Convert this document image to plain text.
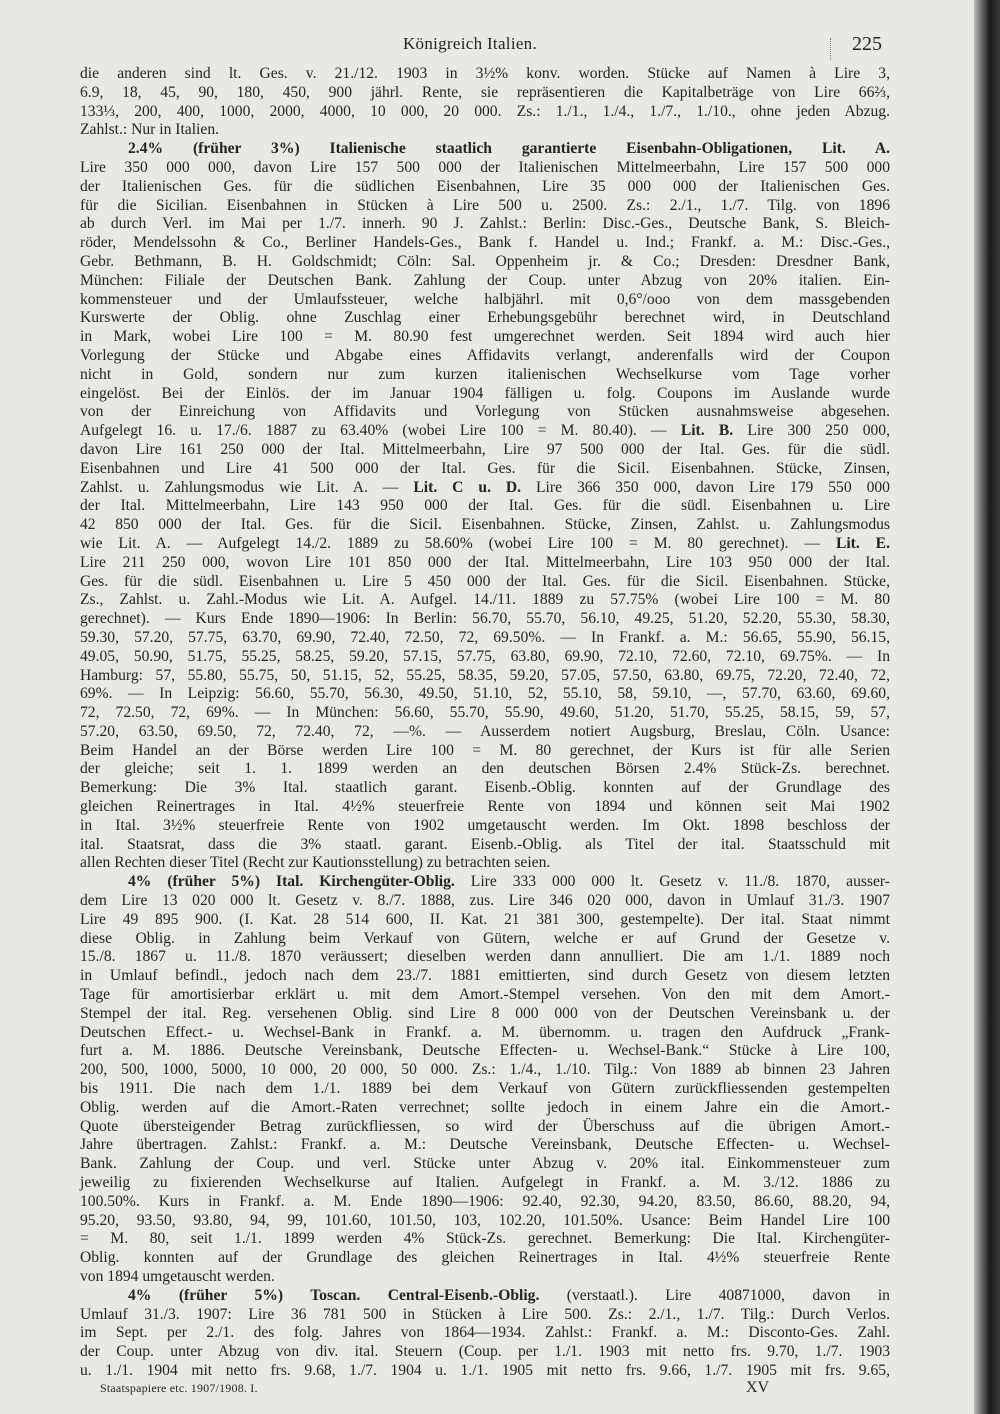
Königreich Italien.	225
die anderen sind lt. Ges. v. 21./12. 1903 in 3½% konv. worden. Stücke auf Namen à Lire 3,
6.9, 18, 45, 90, 180, 450, 900 jährl. Rente, sie repräsentieren die Kapitalbeträge von Lire 66⅔,
133⅓, 200, 400, 1000, 2000, 4000, 10 000, 20 000. Zs.: 1./1., 1./4., 1./7., 1./10., ohne jeden Abzug.
Zahlst.: Nur in Italien.
2.4% (früher 3%) Italienische staatlich garantierte Eisenbahn-Obligationen, Lit. A.
Lire 350 000 000, davon Lire 157 500 000 der Italienischen Mittelmeerbahn, Lire 157 500 000
der Italienischen Ges. für die südlichen Eisenbahnen, Lire 35 000 000 der Italienischen Ges.
für die Sicilian. Eisenbahnen in Stücken à Lire 500 u. 2500. Zs.: 2./1., 1./7. Tilg. von 1896
ab durch Verl. im Mai per 1./7. innerh. 90 J. Zahlst.: Berlin: Disc.-Ges., Deutsche Bank, S. Bleich-
röder, Mendelssohn & Co., Berliner Handels-Ges., Bank f. Handel u. Ind.; Frankf. a. M.: Disc.-Ges.,
Gebr. Bethmann, B. H. Goldschmidt; Cöln: Sal. Oppenheim jr. & Co.; Dresden: Dresdner Bank,
München: Filiale der Deutschen Bank. Zahlung der Coup. unter Abzug von 20% italien. Ein-
kommensteuer und der Umlaufssteuer, welche halbjährl. mit 0,6°/ooo von dem massgebenden
Kurswerte der Oblig. ohne Zuschlag einer Erhebungsgebühr berechnet wird, in Deutschland
in Mark, wobei Lire 100 = M. 80.90 fest umgerechnet werden. Seit 1894 wird auch hier
Vorlegung der Stücke und Abgabe eines Affidavits verlangt, anderenfalls wird der Coupon
nicht in Gold, sondern nur zum kurzen italienischen Wechselkurse vom Tage vorher
eingelöst. Bei der Einlös. der im Januar 1904 fälligen u. folg. Coupons im Auslande wurde
von der Einreichung von Affidavits und Vorlegung von Stücken ausnahmsweise abgesehen.
Aufgelegt 16. u. 17./6. 1887 zu 63.40% (wobei Lire 100 = M. 80.40). — Lit. B. Lire 300 250 000,
davon Lire 161 250 000 der Ital. Mittelmeerbahn, Lire 97 500 000 der Ital. Ges. für die südl.
Eisenbahnen und Lire 41 500 000 der Ital. Ges. für die Sicil. Eisenbahnen. Stücke, Zinsen,
Zahlst. u. Zahlungsmodus wie Lit. A. — Lit. C u. D. Lire 366 350 000, davon Lire 179 550 000
der Ital. Mittelmeerbahn, Lire 143 950 000 der Ital. Ges. für die südl. Eisenbahnen u. Lire
42 850 000 der Ital. Ges. für die Sicil. Eisenbahnen. Stücke, Zinsen, Zahlst. u. Zahlungsmodus
wie Lit. A. — Aufgelegt 14./2. 1889 zu 58.60% (wobei Lire 100 = M. 80 gerechnet). — Lit. E.
Lire 211 250 000, wovon Lire 101 850 000 der Ital. Mittelmeerbahn, Lire 103 950 000 der Ital.
Ges. für die südl. Eisenbahnen u. Lire 5 450 000 der Ital. Ges. für die Sicil. Eisenbahnen. Stücke,
Zs., Zahlst. u. Zahl.-Modus wie Lit. A. Aufgel. 14./11. 1889 zu 57.75% (wobei Lire 100 = M. 80
gerechnet). — Kurs Ende 1890—1906: In Berlin: 56.70, 55.70, 56.10, 49.25, 51.20, 52.20, 55.30, 58.30,
59.30, 57.20, 57.75, 63.70, 69.90, 72.40, 72.50, 72, 69.50%. — In Frankf. a. M.: 56.65, 55.90, 56.15,
49.05, 50.90, 51.75, 55.25, 58.25, 59.20, 57.15, 57.75, 63.80, 69.90, 72.10, 72.60, 72.10, 69.75%. — In
Hamburg: 57, 55.80, 55.75, 50, 51.15, 52, 55.25, 58.35, 59.20, 57.05, 57.50, 63.80, 69.75, 72.20, 72.40, 72,
69%. — In Leipzig: 56.60, 55.70, 56.30, 49.50, 51.10, 52, 55.10, 58, 59.10, —, 57.70, 63.60, 69.60,
72, 72.50, 72, 69%. — In München: 56.60, 55.70, 55.90, 49.60, 51.20, 51.70, 55.25, 58.15, 59, 57,
57.20, 63.50, 69.50, 72, 72.40, 72, —%. — Ausserdem notiert Augsburg, Breslau, Cöln. Usance:
Beim Handel an der Börse werden Lire 100 = M. 80 gerechnet, der Kurs ist für alle Serien
der gleiche; seit 1. 1. 1899 werden an den deutschen Börsen 2.4% Stück-Zs. berechnet.
Bemerkung: Die 3% Ital. staatlich garant. Eisenb.-Oblig. konnten auf der Grundlage des
gleichen Reinertrages in Ital. 4½% steuerfreie Rente von 1894 und können seit Mai 1902
in Ital. 3½% steuerfreie Rente von 1902 umgetauscht werden. Im Okt. 1898 beschloss der
ital. Staatsrat, dass die 3% staatl. garant. Eisenb.-Oblig. als Titel der ital. Staatsschuld mit
allen Rechten dieser Titel (Recht zur Kautionsstellung) zu betrachten seien.
4% (früher 5%) Ital. Kirchengüter-Oblig. Lire 333 000 000 lt. Gesetz v. 11./8. 1870, ausser-
dem Lire 13 020 000 lt. Gesetz v. 8./7. 1888, zus. Lire 346 020 000, davon in Umlauf 31./3. 1907
Lire 49 895 900. (I. Kat. 28 514 600, II. Kat. 21 381 300, gestempelte). Der ital. Staat nimmt
diese Oblig. in Zahlung beim Verkauf von Gütern, welche er auf Grund der Gesetze v.
15./8. 1867 u. 11./8. 1870 veräussert; dieselben werden dann annulliert. Die am 1./1. 1889 noch
in Umlauf befindl., jedoch nach dem 23./7. 1881 emittierten, sind durch Gesetz von diesem letzten
Tage für amortisierbar erklärt u. mit dem Amort.-Stempel versehen. Von den mit dem Amort.-
Stempel der ital. Reg. versehenen Oblig. sind Lire 8 000 000 von der Deutschen Vereinsbank u. der
Deutschen Effect.- u. Wechsel-Bank in Frankf. a. M. übernomm. u. tragen den Aufdruck „Frank-
furt a. M. 1886. Deutsche Vereinsbank, Deutsche Effecten- u. Wechsel-Bank.“ Stücke à Lire 100,
200, 500, 1000, 5000, 10 000, 20 000, 50 000. Zs.: 1./4., 1./10. Tilg.: Von 1889 ab binnen 23 Jahren
bis 1911. Die nach dem 1./1. 1889 bei dem Verkauf von Gütern zurückfliessenden gestempelten
Oblig. werden auf die Amort.-Raten verrechnet; sollte jedoch in einem Jahre ein die Amort.-
Quote übersteigender Betrag zurückfliessen, so wird der Überschuss auf die übrigen Amort.-
Jahre übertragen. Zahlst.: Frankf. a. M.: Deutsche Vereinsbank, Deutsche Effecten- u. Wechsel-
Bank. Zahlung der Coup. und verl. Stücke unter Abzug v. 20% ital. Einkommensteuer zum
jeweilig zu fixierenden Wechselkurse auf Italien. Aufgelegt in Frankf. a. M. 3./12. 1886 zu
100.50%. Kurs in Frankf. a. M. Ende 1890—1906: 92.40, 92.30, 94.20, 83.50, 86.60, 88.20, 94,
95.20, 93.50, 93.80, 94, 99, 101.60, 101.50, 103, 102.20, 101.50%. Usance: Beim Handel Lire 100
= M. 80, seit 1./1. 1899 werden 4% Stück-Zs. gerechnet. Bemerkung: Die Ital. Kirchengüter-
Oblig. konnten auf der Grundlage des gleichen Reinertrages in Ital. 4½% steuerfreie Rente
von 1894 umgetauscht werden.
4% (früher 5%) Toscan. Central-Eisenb.-Oblig. (verstaatl.). Lire 40871000, davon in
Umlauf 31./3. 1907: Lire 36 781 500 in Stücken à Lire 500. Zs.: 2./1., 1./7. Tilg.: Durch Verlos.
im Sept. per 2./1. des folg. Jahres von 1864—1934. Zahlst.: Frankf. a. M.: Disconto-Ges. Zahl.
der Coup. unter Abzug von div. ital. Steuern (Coup. per 1./1. 1903 mit netto frs. 9.70, 1./7. 1903
u. 1./1. 1904 mit netto frs. 9.68, 1./7. 1904 u. 1./1. 1905 mit netto frs. 9.66, 1./7. 1905 mit frs. 9.65,
Staatspapiere etc. 1907/1908. I.	XV
